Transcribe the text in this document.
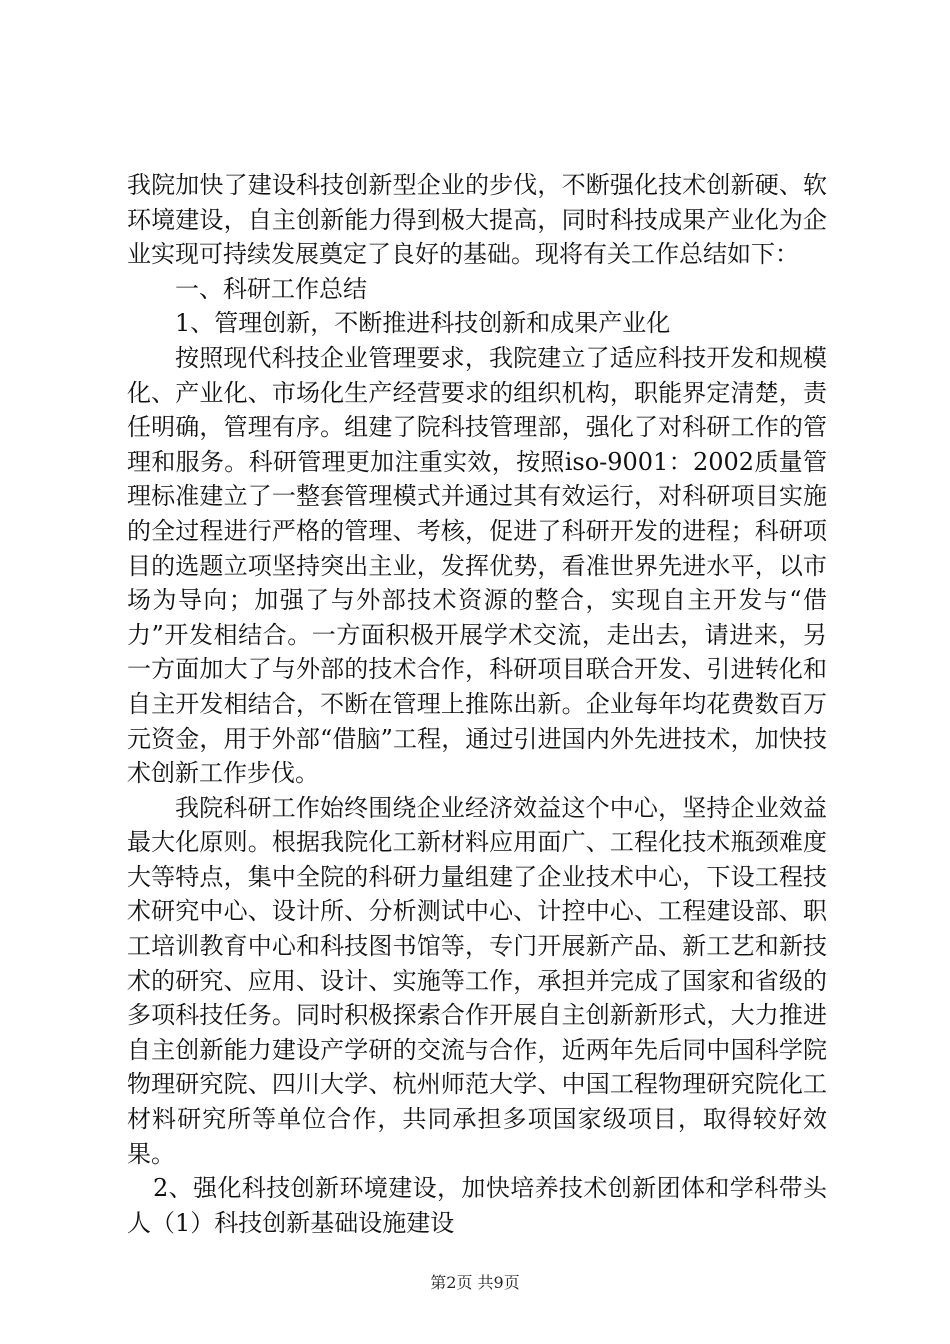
我院加快了建设科技创新型企业的步伐，不断强化技术创新硬、软环境建设，自主创新能力得到极大提高，同时科技成果产业化为企业实现可持续发展奠定了良好的基础。现将有关工作总结如下：

一、科研工作总结

1、管理创新，不断推进科技创新和成果产业化

按照现代科技企业管理要求，我院建立了适应科技开发和规模化、产业化、市场化生产经营要求的组织机构，职能界定清楚，责任明确，管理有序。组建了院科技管理部，强化了对科研工作的管理和服务。科研管理更加注重实效，按照iso-9001：2002质量管理标准建立了一整套管理模式并通过其有效运行，对科研项目实施的全过程进行严格的管理、考核，促进了科研开发的进程；科研项目的选题立项坚持突出主业，发挥优势，看准世界先进水平，以市场为导向；加强了与外部技术资源的整合，实现自主开发与“借力”开发相结合。一方面积极开展学术交流，走出去，请进来，另一方面加大了与外部的技术合作，科研项目联合开发、引进转化和自主开发相结合，不断在管理上推陈出新。企业每年均花费数百万元资金，用于外部“借脑”工程，通过引进国内外先进技术，加快技术创新工作步伐。

我院科研工作始终围绕企业经济效益这个中心，坚持企业效益最大化原则。根据我院化工新材料应用面广、工程化技术瓶颈难度大等特点，集中全院的科研力量组建了企业技术中心，下设工程技术研究中心、设计所、分析测试中心、计控中心、工程建设部、职工培训教育中心和科技图书馆等，专门开展新产品、新工艺和新技术的研究、应用、设计、实施等工作，承担并完成了国家和省级的多项科技任务。同时积极探索合作开展自主创新新形式，大力推进自主创新能力建设产学研的交流与合作，近两年先后同中国科学院物理研究院、四川大学、杭州师范大学、中国工程物理研究院化工材料研究所等单位合作，共同承担多项国家级项目，取得较好效果。

2、强化科技创新环境建设，加快培养技术创新团体和学科带头人（1）科技创新基础设施建设

第2页 共9页
